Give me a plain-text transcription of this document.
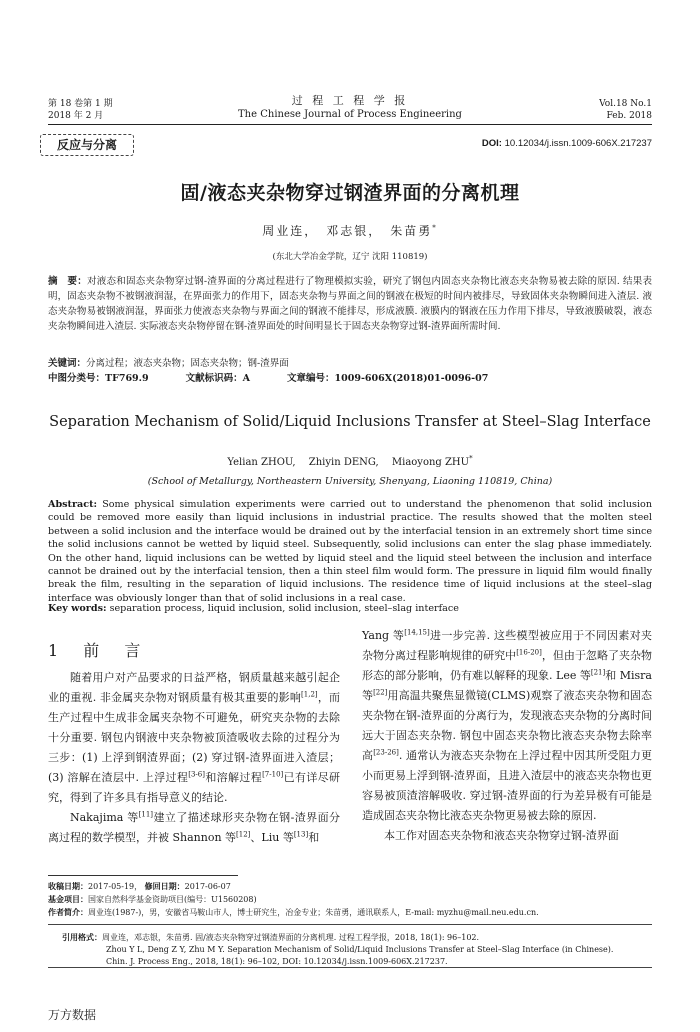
第 18 卷第 1 期
2018 年 2 月
过 程 工 程 学 报
The Chinese Journal of Process Engineering
Vol.18 No.1
Feb. 2018
反应与分离	DOI: 10.12034/j.issn.1009-606X.217237
固/液态夹杂物穿过钢渣界面的分离机理
周业连，　邓志银，　朱苗勇*
(东北大学冶金学院，辽宁 沈阳 110819)
摘　要：对液态和固态夹杂物穿过钢-渣界面的分离过程进行了物理模拟实验，研究了钢包内固态夹杂物比液态夹杂物易被去除的原因. 结果表明，固态夹杂物不被钢液润湿，在界面张力的作用下，固态夹杂物与界面之间的钢液在极短的时间内被排尽，导致固体夹杂物瞬间进入渣层. 液态夹杂物易被钢液润湿，界面张力使液态夹杂物与界面之间的钢液不能排尽，形成液膜. 液膜内的钢液在压力作用下排尽，导致液膜破裂，液态夹杂物瞬间进入渣层. 实际液态夹杂物停留在钢-渣界面处的时间明显长于固态夹杂物穿过钢-渣界面所需时间.
关键词：分离过程；液态夹杂物；固态夹杂物；钢-渣界面
中图分类号：TF769.9	文献标识码：A	文章编号：1009-606X(2018)01-0096-07
Separation Mechanism of Solid/Liquid Inclusions Transfer at Steel–Slag Interface
Yelian ZHOU,　 Zhiyin DENG,　 Miaoyong ZHU*
(School of Metallurgy, Northeastern University, Shenyang, Liaoning 110819, China)
Abstract: Some physical simulation experiments were carried out to understand the phenomenon that solid inclusion could be removed more easily than liquid inclusions in industrial practice. The results showed that the molten steel between a solid inclusion and the interface would be drained out by the interfacial tension in an extremely short time since the solid inclusions cannot be wetted by liquid steel. Subsequently, solid inclusions can enter the slag phase immediately. On the other hand, liquid inclusions can be wetted by liquid steel and the liquid steel between the inclusion and interface cannot be drained out by the interfacial tension, then a thin steel film would form. The pressure in liquid film would finally break the film, resulting in the separation of liquid inclusions. The residence time of liquid inclusions at the steel–slag interface was obviously longer than that of solid inclusions in a real case.
Key words: separation process, liquid inclusion, solid inclusion, steel–slag interface
1 前 言

随着用户对产品要求的日益严格，钢质量越来越引起企业的重视. 非金属夹杂物对钢质量有极其重要的影响[1,2]，而生产过程中生成非金属夹杂物不可避免，研究夹杂物的去除十分重要. 钢包内钢液中夹杂物被顶渣吸收去除的过程分为三步：(1) 上浮到钢渣界面；(2) 穿过钢-渣界面进入渣层；(3) 溶解在渣层中. 上浮过程[3-6]和溶解过程[7-10]已有详尽研究，得到了许多具有指导意义的结论.

Nakajima 等[11]建立了描述球形夹杂物在钢-渣界面分离过程的数学模型，并被 Shannon 等[12]、Liu 等[13]和

Yang 等[14,15]进一步完善. 这些模型被应用于不同因素对夹杂物分离过程影响规律的研究中[16-20]，但由于忽略了夹杂物形态的部分影响，仍有难以解释的现象. Lee 等[21]和 Misra 等[22]用高温共聚焦显微镜(CLMS)观察了液态夹杂物和固态夹杂物在钢-渣界面的分离行为，发现液态夹杂物的分离时间远大于固态夹杂物. 钢包中固态夹杂物比液态夹杂物去除率高[23-26]. 通常认为液态夹杂物在上浮过程中因其所受阻力更小而更易上浮到钢-渣界面，且进入渣层中的液态夹杂物也更容易被顶渣溶解吸收. 穿过钢-渣界面的行为差异极有可能是造成固态夹杂物比液态夹杂物更易被去除的原因.

本工作对固态夹杂物和液态夹杂物穿过钢-渣界面

收稿日期：2017-05-19， 修回日期：2017-06-07
基金项目：国家自然科学基金资助项目(编号：U1560208)
作者简介：周业连(1987-)，男，安徽省马鞍山市人，博士研究生，冶金专业；朱苗勇，通讯联系人，E-mail: myzhu@mail.neu.edu.cn.
引用格式：周业连，邓志银，朱苗勇. 固/液态夹杂物穿过钢渣界面的分离机理. 过程工程学报，2018, 18(1): 96–102.
Zhou Y L, Deng Z Y, Zhu M Y. Separation Mechanism of Solid/Liquid Inclusions Transfer at Steel–Slag Interface (in Chinese).
Chin. J. Process Eng., 2018, 18(1): 96–102, DOI: 10.12034/j.issn.1009-606X.217237.
万方数据
